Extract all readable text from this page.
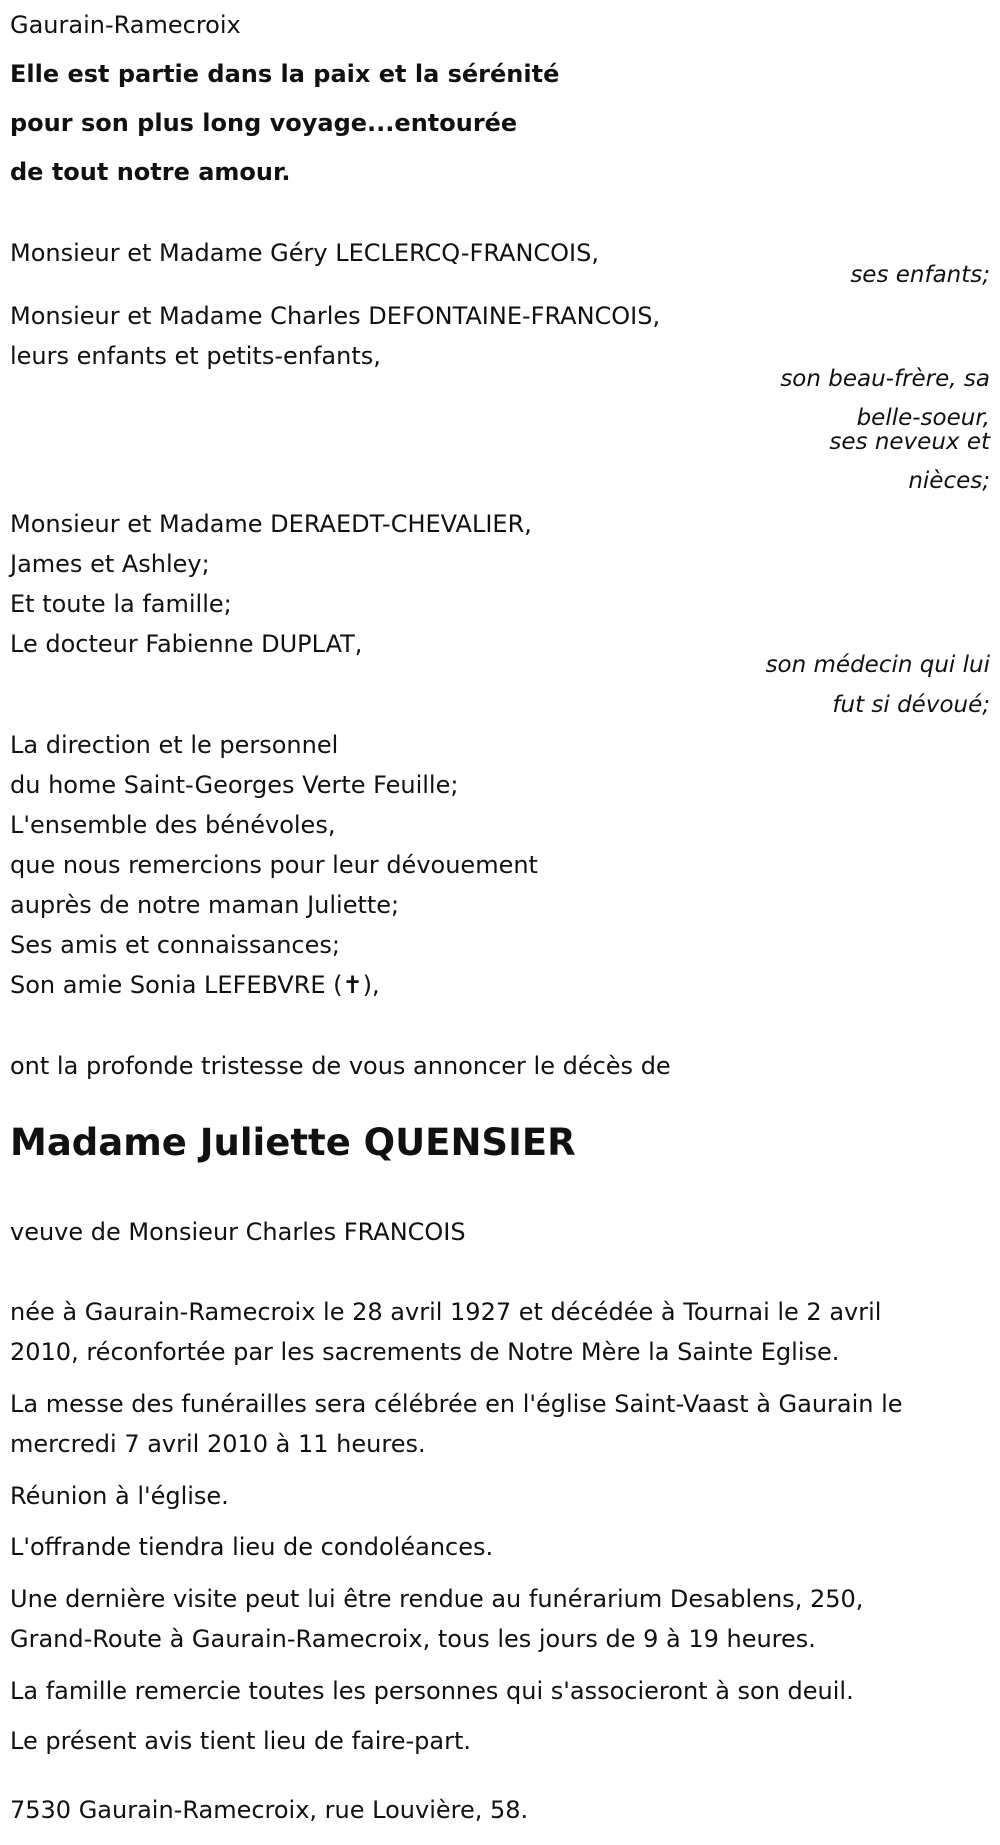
Gaurain-Ramecroix
Elle est partie dans la paix et la sérénité
pour son plus long voyage...entourée
de tout notre amour.
Monsieur et Madame Géry LECLERCQ-FRANCOIS,
ses enfants;
Monsieur et Madame Charles DEFONTAINE-FRANCOIS,
leurs enfants et petits-enfants,
son beau-frère, sa
belle-soeur,
ses neveux et
nièces;
Monsieur et Madame DERAEDT-CHEVALIER,
James et Ashley;
Et toute la famille;
Le docteur Fabienne DUPLAT,
son médecin qui lui
fut si dévoué;
La direction et le personnel
du home Saint-Georges Verte Feuille;
L'ensemble des bénévoles,
que nous remercions pour leur dévouement
auprès de notre maman Juliette;
Ses amis et connaissances;
Son amie Sonia LEFEBVRE (✝),
ont la profonde tristesse de vous annoncer le décès de
Madame Juliette QUENSIER
veuve de Monsieur Charles FRANCOIS
née à Gaurain-Ramecroix le 28 avril 1927 et décédée à Tournai le 2 avril
2010, réconfortée par les sacrements de Notre Mère la Sainte Eglise.
La messe des funérailles sera célébrée en l'église Saint-Vaast à Gaurain le
mercredi 7 avril 2010 à 11 heures.
Réunion à l'église.
L'offrande tiendra lieu de condoléances.
Une dernière visite peut lui être rendue au funérarium Desablens, 250,
Grand-Route à Gaurain-Ramecroix, tous les jours de 9 à 19 heures.
La famille remercie toutes les personnes qui s'associeront à son deuil.
Le présent avis tient lieu de faire-part.
7530 Gaurain-Ramecroix, rue Louvière, 58.
